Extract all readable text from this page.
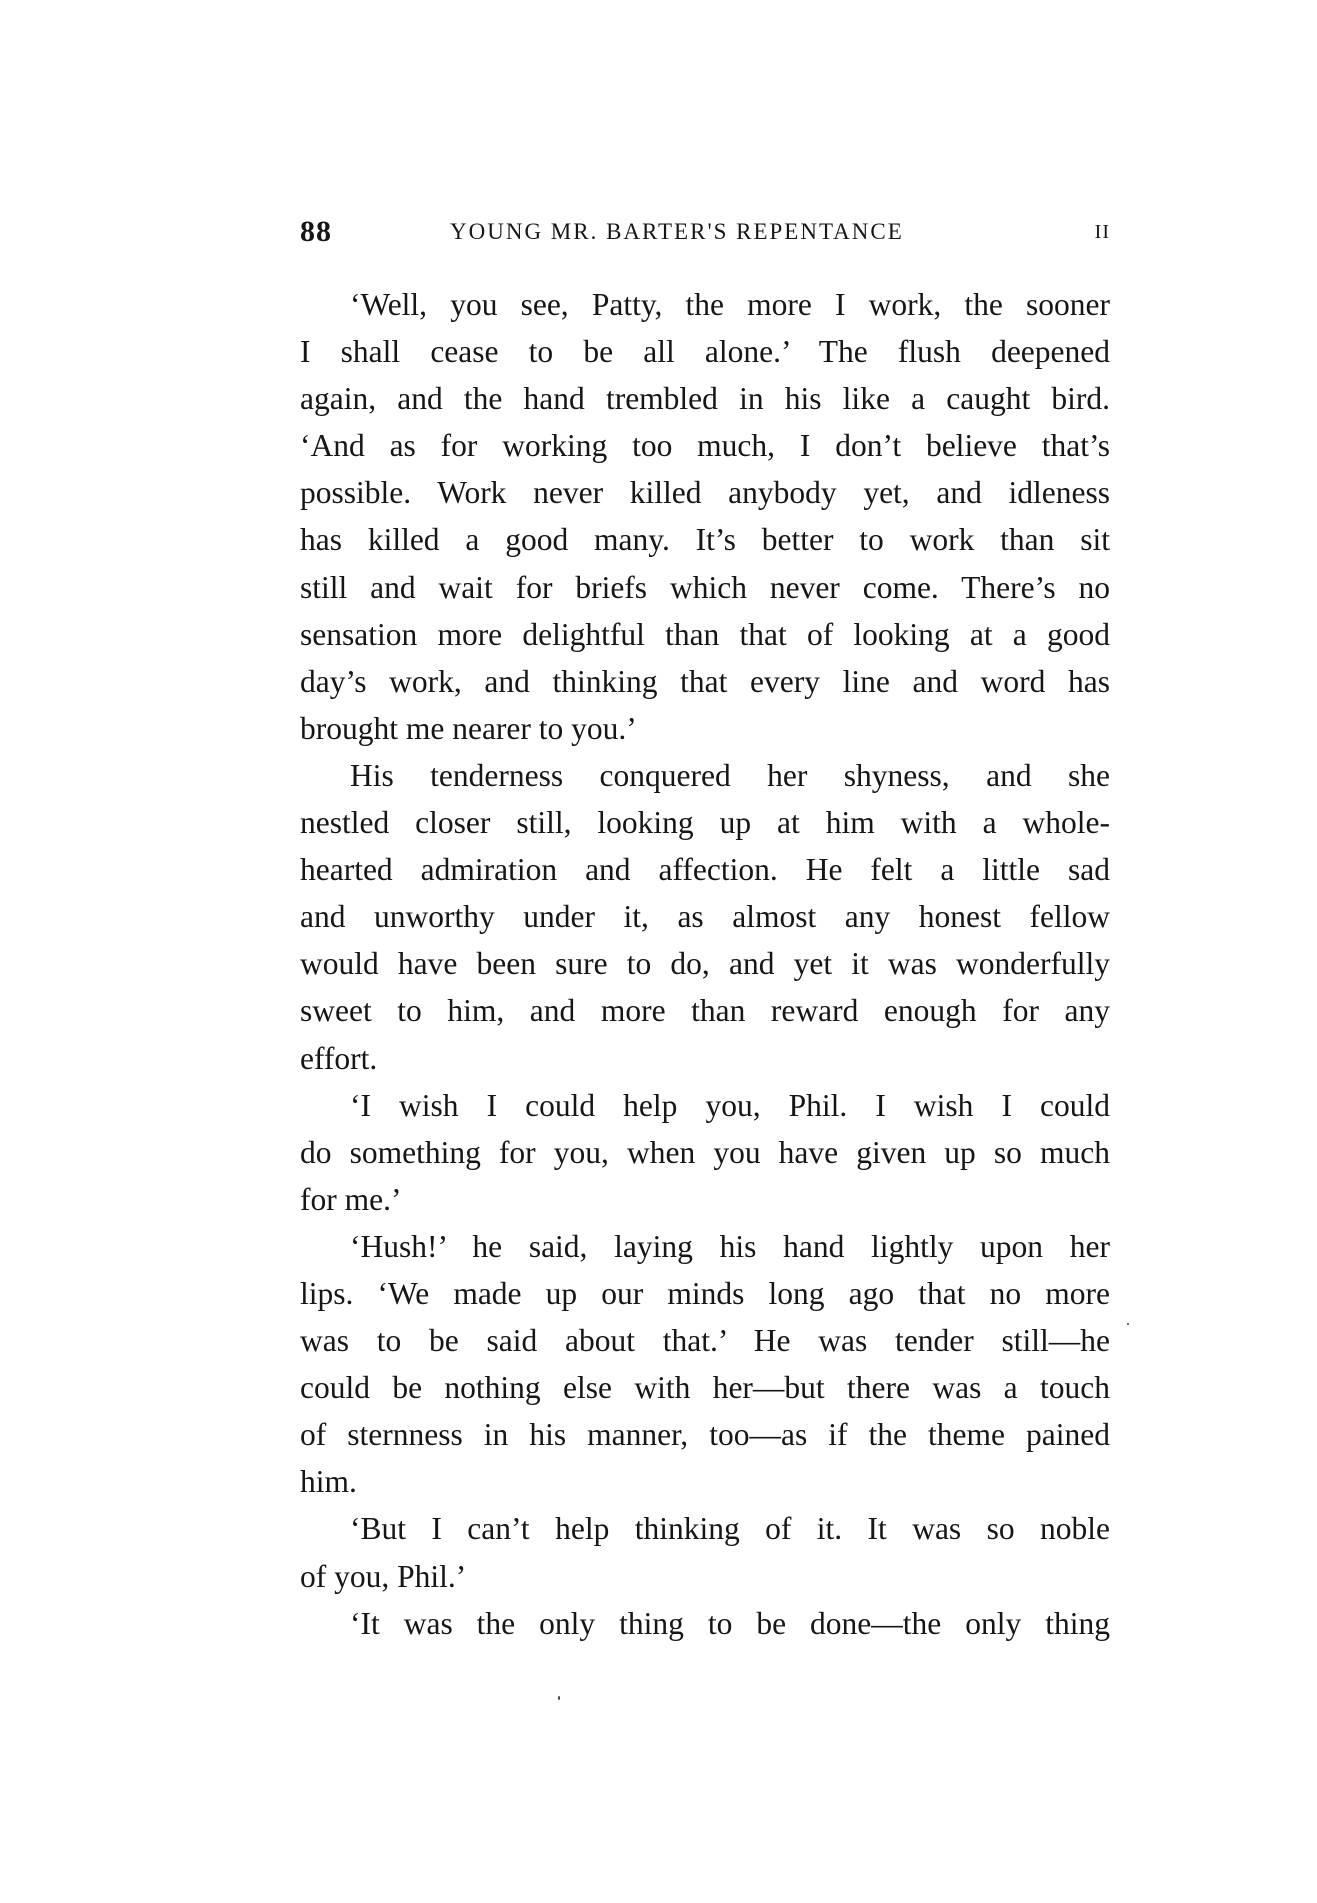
88	YOUNG MR. BARTER'S REPENTANCE	II
‘Well, you see, Patty, the more I work, the sooner
I shall cease to be all alone.’ The flush deepened
again, and the hand trembled in his like a caught bird.
‘And as for working too much, I don’t believe that’s
possible. Work never killed anybody yet, and idleness
has killed a good many. It’s better to work than sit
still and wait for briefs which never come. There’s no
sensation more delightful than that of looking at a good
day’s work, and thinking that every line and word has
brought me nearer to you.’
His tenderness conquered her shyness, and she
nestled closer still, looking up at him with a whole-
hearted admiration and affection. He felt a little sad
and unworthy under it, as almost any honest fellow
would have been sure to do, and yet it was wonderfully
sweet to him, and more than reward enough for any
effort.
‘I wish I could help you, Phil. I wish I could
do something for you, when you have given up so much
for me.’
‘Hush!’ he said, laying his hand lightly upon her
lips. ‘We made up our minds long ago that no more
was to be said about that.’ He was tender still—he
could be nothing else with her—but there was a touch
of sternness in his manner, too—as if the theme pained
him.
‘But I can’t help thinking of it. It was so noble
of you, Phil.’
‘It was the only thing to be done—the only thing
